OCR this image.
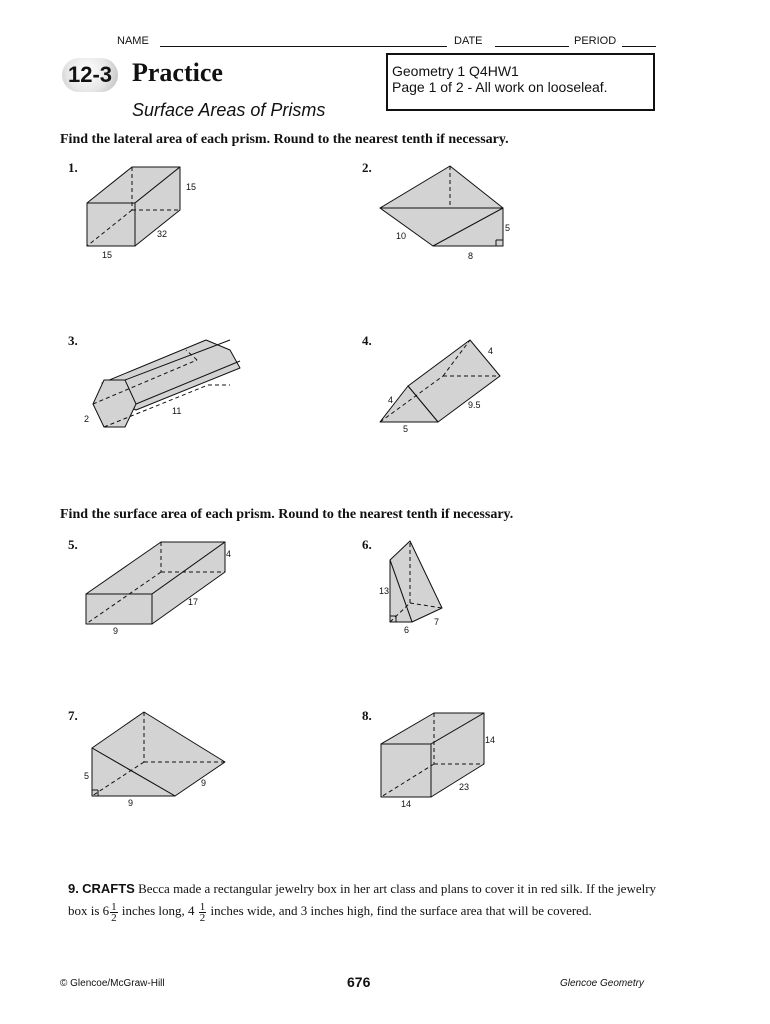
NAME	DATE	PERIOD
12-3 Practice
Surface Areas of Prisms
Geometry 1 Q4HW1
Page 1 of 2 - All work on looseleaf.
Find the lateral area of each prism. Round to the nearest tenth if necessary.
1.
15
32
15
2.
10
5
8
3.
2
11
4.
4
4	9.5
5
Find the surface area of each prism. Round to the nearest tenth if necessary.
5.
4
17
9
6.
13
7
6
7.
5
9
9
8.
14
23
14
9. CRAFTS Becca made a rectangular jewelry box in her art class and plans to cover it in red silk. If the jewelry box is $6 \frac{1}{2}$ inches long, $4 \frac{1}{2}$ inches wide, and 3 inches high, find the surface area that will be covered.
© Glencoe/McGraw-Hill	676	Glencoe Geometry
